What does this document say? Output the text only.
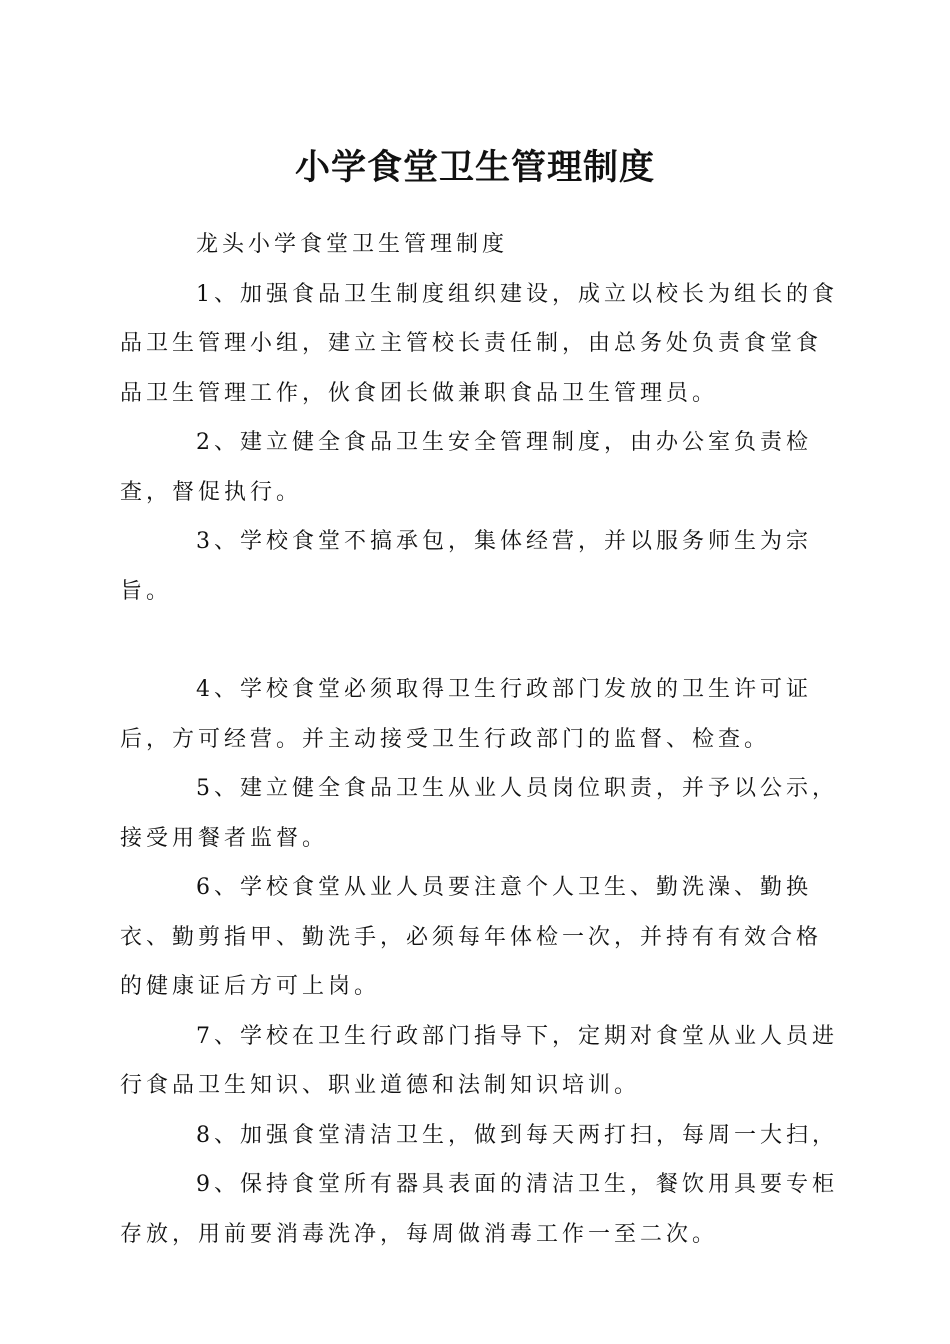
小学食堂卫生管理制度

龙头小学食堂卫生管理制度

1、加强食品卫生制度组织建设，成立以校长为组长的食品卫生管理小组，建立主管校长责任制，由总务处负责食堂食品卫生管理工作，伙食团长做兼职食品卫生管理员。

2、建立健全食品卫生安全管理制度，由办公室负责检查，督促执行。

3、学校食堂不搞承包，集体经营，并以服务师生为宗旨。

4、学校食堂必须取得卫生行政部门发放的卫生许可证后，方可经营。并主动接受卫生行政部门的监督、检查。

5、建立健全食品卫生从业人员岗位职责，并予以公示，接受用餐者监督。

6、学校食堂从业人员要注意个人卫生、勤洗澡、勤换衣、勤剪指甲、勤洗手，必须每年体检一次，并持有有效合格的健康证后方可上岗。

7、学校在卫生行政部门指导下，定期对食堂从业人员进行食品卫生知识、职业道德和法制知识培训。

8、加强食堂清洁卫生，做到每天两打扫，每周一大扫，

9、保持食堂所有器具表面的清洁卫生，餐饮用具要专柜存放，用前要消毒洗净，每周做消毒工作一至二次。
